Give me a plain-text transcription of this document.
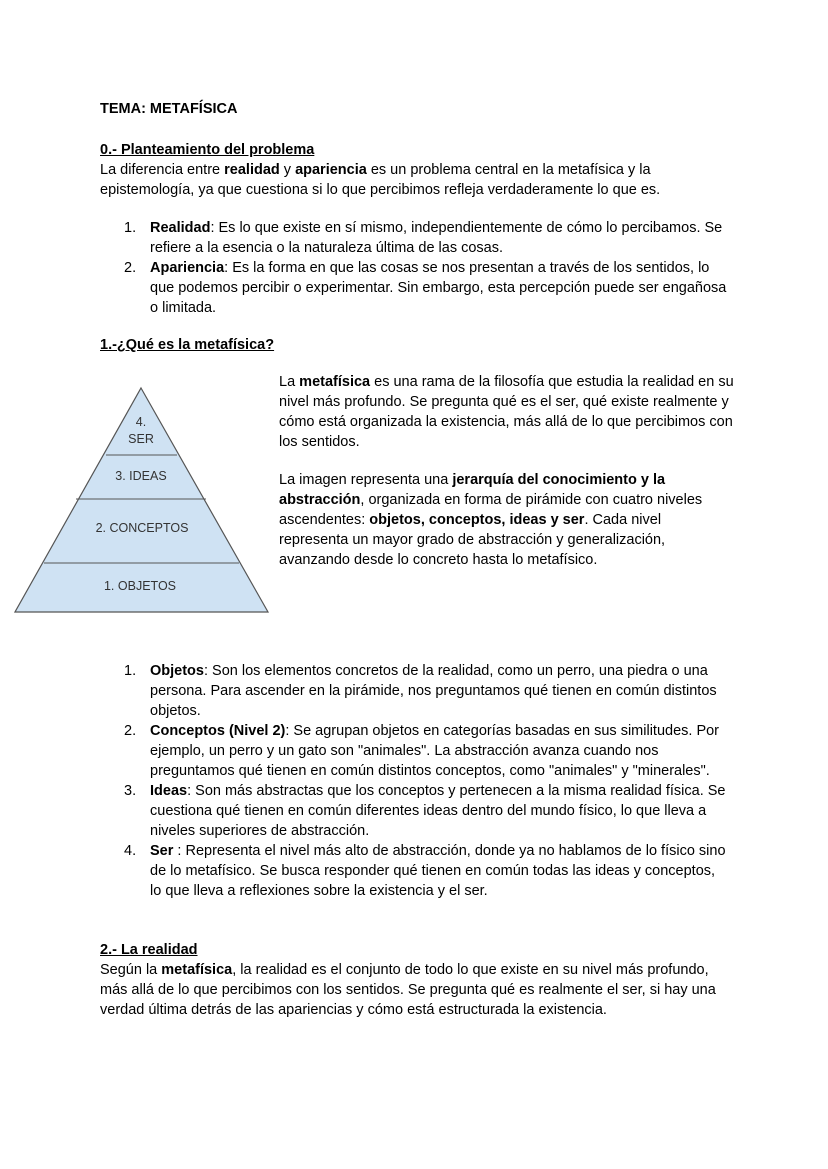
TEMA: METAFÍSICA
0.- Planteamiento del problema
La diferencia entre realidad y apariencia es un problema central en la metafísica y la epistemología, ya que cuestiona si lo que percibimos refleja verdaderamente lo que es.
1. Realidad: Es lo que existe en sí mismo, independientemente de cómo lo percibamos. Se refiere a la esencia o la naturaleza última de las cosas.
2. Apariencia: Es la forma en que las cosas se nos presentan a través de los sentidos, lo que podemos percibir o experimentar. Sin embargo, esta percepción puede ser engañosa o limitada.
1.-¿Qué es la metafísica?
La metafísica es una rama de la filosofía que estudia la realidad en su nivel más profundo. Se pregunta qué es el ser, qué existe realmente y cómo está organizada la existencia, más allá de lo que percibimos con los sentidos.
La imagen representa una jerarquía del conocimiento y la abstracción, organizada en forma de pirámide con cuatro niveles ascendentes: objetos, conceptos, ideas y ser. Cada nivel representa un mayor grado de abstracción y generalización, avanzando desde lo concreto hasta lo metafísico.
1. Objetos: Son los elementos concretos de la realidad, como un perro, una piedra o una persona. Para ascender en la pirámide, nos preguntamos qué tienen en común distintos objetos.
2. Conceptos (Nivel 2): Se agrupan objetos en categorías basadas en sus similitudes. Por ejemplo, un perro y un gato son "animales". La abstracción avanza cuando nos preguntamos qué tienen en común distintos conceptos, como "animales" y "minerales".
3. Ideas: Son más abstractas que los conceptos y pertenecen a la misma realidad física. Se cuestiona qué tienen en común diferentes ideas dentro del mundo físico, lo que lleva a niveles superiores de abstracción.
4. Ser : Representa el nivel más alto de abstracción, donde ya no hablamos de lo físico sino de lo metafísico. Se busca responder qué tienen en común todas las ideas y conceptos, lo que lleva a reflexiones sobre la existencia y el ser.
2.- La realidad
Según la metafísica, la realidad es el conjunto de todo lo que existe en su nivel más profundo, más allá de lo que percibimos con los sentidos. Se pregunta qué es realmente el ser, si hay una verdad última detrás de las apariencias y cómo está estructurada la existencia.
4.
SER
3. IDEAS
2. CONCEPTOS
1. OBJETOS
